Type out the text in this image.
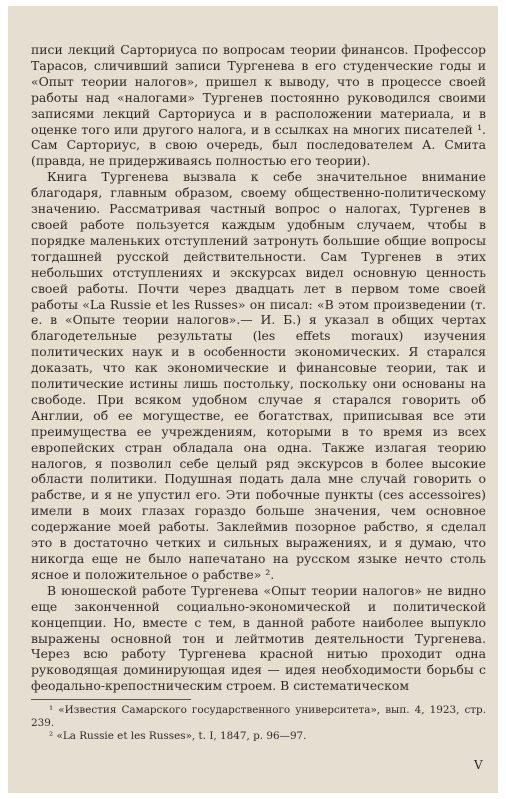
писи лекций Сарториуса по вопросам теории финансов. Профессор Тарасов, сличивший записи Тургенева в его студенческие годы и «Опыт теории налогов», пришел к выводу, что в процессе своей работы над «налогами» Тургенев постоянно руководился своими записями лекций Сарториуса и в расположении материала, и в оценке того или другого налога, и в ссылках на многих писателей ¹. Сам Сарториус, в свою очередь, был последователем А. Смита (правда, не придерживаясь полностью его теории).

Книга Тургенева вызвала к себе значительное внимание благодаря, главным образом, своему общественно-политическому значению. Рассматривая частный вопрос о налогах, Тургенев в своей работе пользуется каждым удобным случаем, чтобы в порядке маленьких отступлений затронуть большие общие вопросы тогдашней русской действительности. Сам Тургенев в этих небольших отступлениях и экскурсах видел основную ценность своей работы. Почти через двадцать лет в первом томе своей работы «La Russie et les Russes» он писал: «В этом произведении (т. е. в «Опыте теории налогов».— И. Б.) я указал в общих чертах благодетельные результаты (les effets moraux) изучения политических наук и в особенности экономических. Я старался доказать, что как экономические и финансовые теории, так и политические истины лишь постольку, поскольку они основаны на свободе. При всяком удобном случае я старался говорить об Англии, об ее могуществе, ее богатствах, приписывая все эти преимущества ее учреждениям, которыми в то время из всех европейских стран обладала она одна. Также излагая теорию налогов, я позволил себе целый ряд экскурсов в более высокие области политики. Подушная подать дала мне случай говорить о рабстве, и я не упустил его. Эти побочные пункты (ces accessoires) имели в моих глазах гораздо больше значения, чем основное содержание моей работы. Заклеймив позорное рабство, я сделал это в достаточно четких и сильных выражениях, и я думаю, что никогда еще не было напечатано на русском языке нечто столь ясное и положительное о рабстве» ².

В юношеской работе Тургенева «Опыт теории налогов» не видно еще законченной социально-экономической и политической концепции. Но, вместе с тем, в данной работе наиболее выпукло выражены основной тон и лейтмотив деятельности Тургенева. Через всю работу Тургенева красной нитью проходит одна руководящая доминирующая идея — идея необходимости борьбы с феодально-крепостническим строем. В систематическом

¹ «Известия Самарского государственного университета», вып. 4, 1923, стр. 239.

² «La Russie et les Russes», t. I, 1847, p. 96—97.

V
